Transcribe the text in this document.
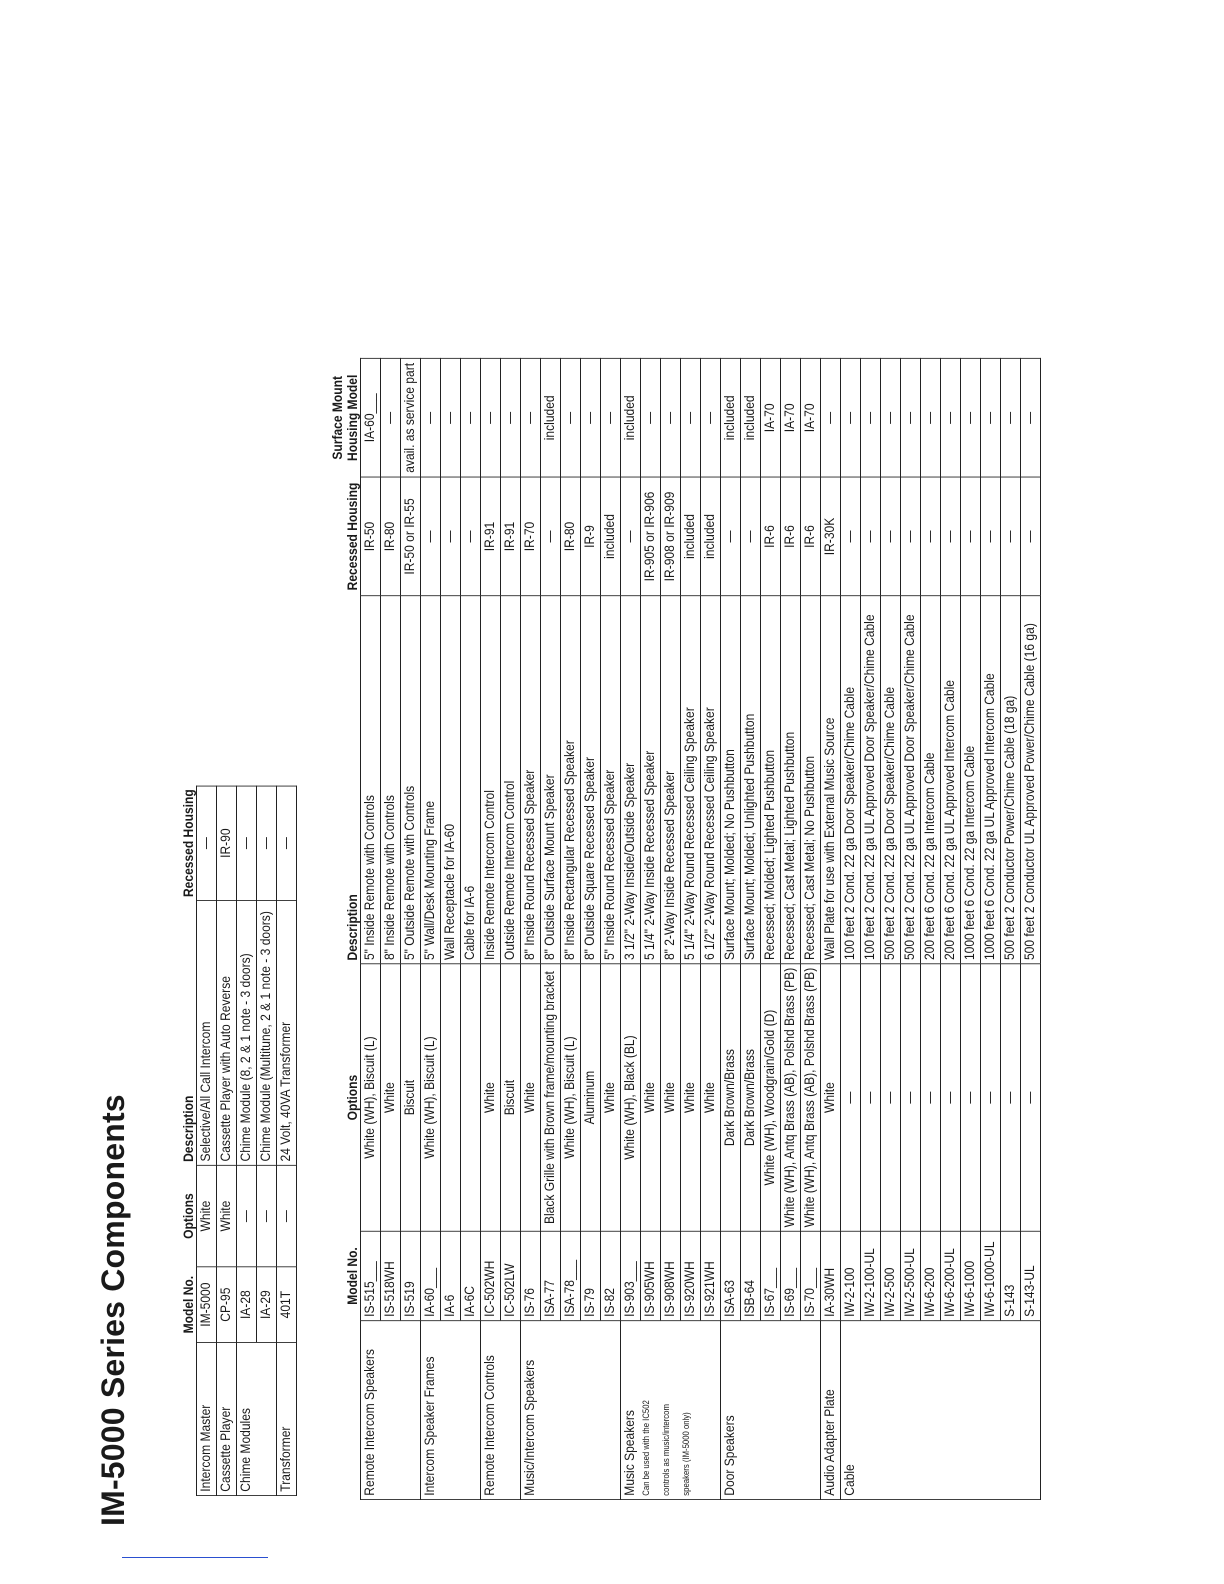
IM-5000 Series Components
		Model No.	Options	Description	Recessed Housing
Intercom Master	IM-5000	White	Selective/All Call Intercom	—
Cassette Player	CP-95	White	Cassette Player with Auto Reverse	IR-90
Chime Modules	IA-28	—	Chime Module (8, 2 & 1 note - 3 doors)	—
	IA-29	—	Chime Module (Multitune, 2 & 1 note - 3 doors)	—
Transformer	401T	—	24 Volt, 40VA Transformer	—
	Model No.	Options	Description	Recessed Housing	Surface Mount Housing Model
Remote Intercom Speakers	IS-515___	White (WH), Biscuit (L)	5" Inside Remote with Controls	IR-50	IA-60___
	IS-518WH	White	8" Inside Remote with Controls	IR-80	—
	IS-519	Biscuit	5" Outside Remote with Controls	IR-50 or IR-55	avail. as service part
Intercom Speaker Frames	IA-60___	White (WH), Biscuit (L)	5" Wall/Desk Mounting Frame	—	—
	IA-6		Wall Receptacle for IA-60	—	—
	IA-6C		Cable for IA-6	—	—
Remote Intercom Controls	IC-502WH	White	Inside Remote Intercom Control	IR-91	—
	IC-502LW	Biscuit	Outside Remote Intercom Control	IR-91	—
Music/Intercom Speakers	IS-76	White	8" Inside Round Recessed Speaker	IR-70	—
	ISA-77	Black Grille with Brown frame/mounting bracket	8" Outside Surface Mount Speaker	—	included
	ISA-78___	White (WH), Biscuit (L)	8" Inside Rectangular Recessed Speaker	IR-80	—
	IS-79	Aluminum	8" Outside Square Recessed Speaker	IR-9	—
	IS-82	White	5" Inside Round Recessed Speaker	included	—
Music Speakers	IS-903___	White (WH), Black (BL)	3 1/2" 2-Way Inside/Outside Speaker	—	included
Can be used with the IC502	IS-905WH	White	5 1/4" 2-Way Inside Recessed Speaker	IR-905 or IR-906	—
controls as music/intercom	IS-908WH	White	8" 2-Way Inside Recessed Speaker	IR-908 or IR-909	—
speakers (IM-5000 only)	IS-920WH	White	5 1/4" 2-Way Round Recessed Ceiling Speaker	included	—
	IS-921WH	White	6 1/2" 2-Way Round Recessed Ceiling Speaker	included	—
Door Speakers	ISA-63	Dark Brown/Brass	Surface Mount; Molded; No Pushbutton	—	included
	ISB-64	Dark Brown/Brass	Surface Mount; Molded; Unlighted Pushbutton	—	included
	IS-67___	White (WH), Woodgrain/Gold (D)	Recessed; Molded; Lighted Pushbutton	IR-6	IA-70
	IS-69___	White (WH), Antq Brass (AB), Polshd Brass (PB)	Recessed; Cast Metal; Lighted Pushbutton	IR-6	IA-70
	IS-70___	White (WH), Antq Brass (AB), Polshd Brass (PB)	Recessed; Cast Metal; No Pushbutton	IR-6	IA-70
Audio Adapter Plate	IA-30WH	White	Wall Plate for use with External Music Source	IR-30K	—
Cable	IW-2-100	—	100 feet 2 Cond. 22 ga Door Speaker/Chime Cable	—	—
	IW-2-100-UL	—	100 feet 2 Cond. 22 ga UL Approved Door Speaker/Chime Cable	—	—
	IW-2-500	—	500 feet 2 Cond. 22 ga Door Speaker/Chime Cable	—	—
	IW-2-500-UL	—	500 feet 2 Cond. 22 ga UL Approved Door Speaker/Chime Cable	—	—
	IW-6-200	—	200 feet 6 Cond. 22 ga Intercom Cable	—	—
	IW-6-200-UL	—	200 feet 6 Cond. 22 ga UL Approved Intercom Cable	—	—
	IW-6-1000	—	1000 feet 6 Cond. 22 ga Intercom Cable	—	—
	IW-6-1000-UL	—	1000 feet 6 Cond. 22 ga UL Approved Intercom Cable	—	—
	S-143	—	500 feet 2 Conductor Power/Chime Cable (18 ga)	—	—
	S-143-UL	—	500 feet 2 Conductor UL Approved Power/Chime Cable (16 ga)	—	—
